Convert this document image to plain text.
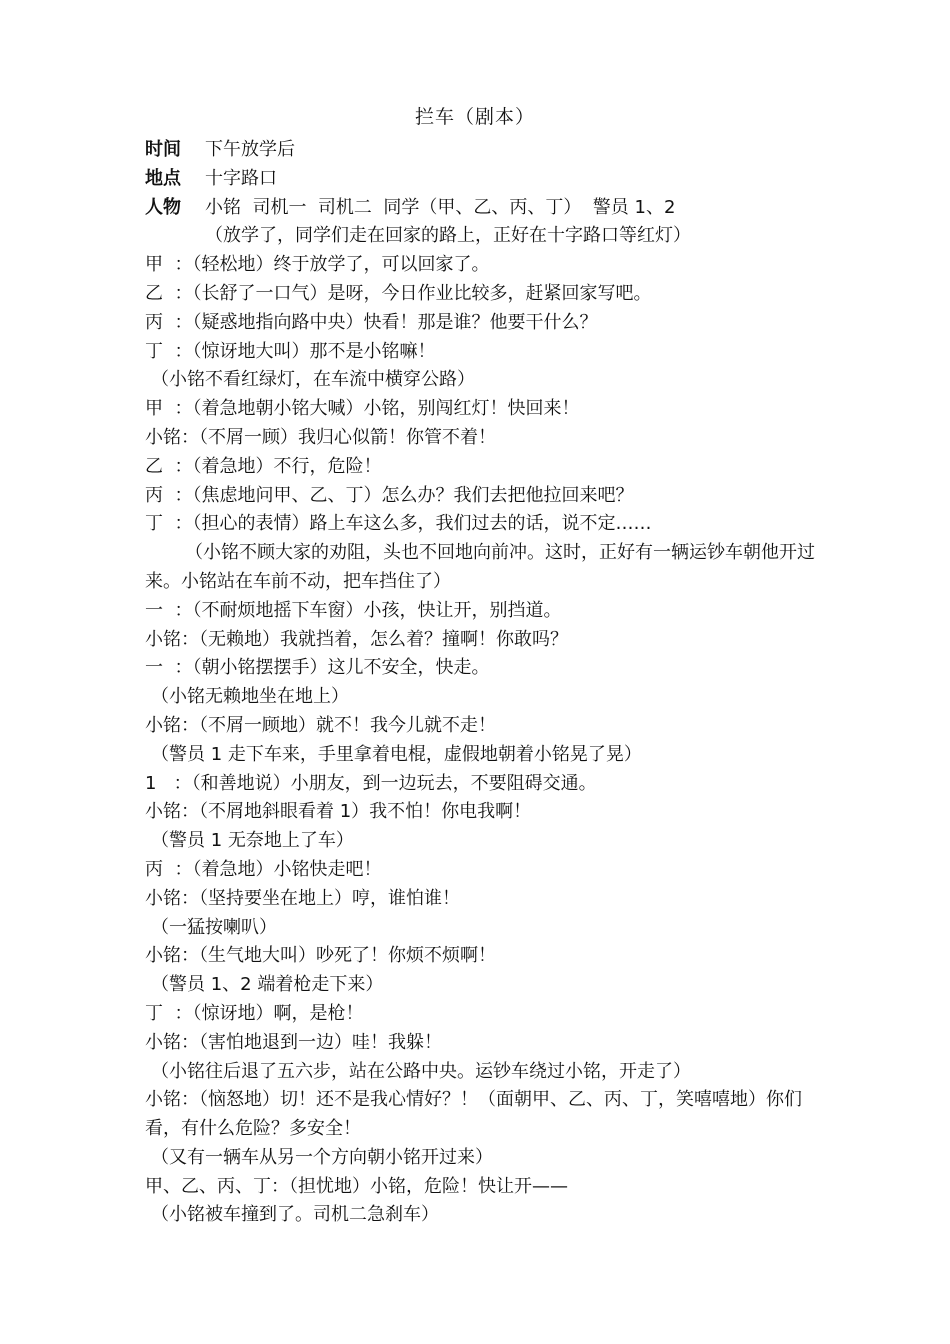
拦车（剧本）
时间 下午放学后
地点 十字路口
人物 小铭  司机一  司机二  同学（甲、乙、丙、丁）  警员 1、2
（放学了，同学们走在回家的路上，正好在十字路口等红灯）
甲  ：（轻松地）终于放学了，可以回家了。
乙  ：（长舒了一口气）是呀，今日作业比较多，赶紧回家写吧。
丙  ：（疑惑地指向路中央）快看！那是谁？他要干什么？
丁  ：（惊讶地大叫）那不是小铭嘛！
（小铭不看红绿灯，在车流中横穿公路）
甲  ：（着急地朝小铭大喊）小铭，别闯红灯！快回来！
小铭：（不屑一顾）我归心似箭！你管不着！
乙  ：（着急地）不行，危险！
丙  ：（焦虑地问甲、乙、丁）怎么办？我们去把他拉回来吧？
丁  ：（担心的表情）路上车这么多，我们过去的话，说不定……
（小铭不顾大家的劝阻，头也不回地向前冲。这时，正好有一辆运钞车朝他开过来。小铭站在车前不动，把车挡住了）
一  ：（不耐烦地摇下车窗）小孩，快让开，别挡道。
小铭：（无赖地）我就挡着，怎么着？撞啊！你敢吗？
一  ：（朝小铭摆摆手）这儿不安全，快走。
（小铭无赖地坐在地上）
小铭：（不屑一顾地）就不！我今儿就不走！
（警员 1 走下车来，手里拿着电棍，虚假地朝着小铭晃了晃）
1   ：（和善地说）小朋友，到一边玩去，不要阻碍交通。
小铭：（不屑地斜眼看着 1）我不怕！你电我啊！
（警员 1 无奈地上了车）
丙  ：（着急地）小铭快走吧！
小铭：（坚持要坐在地上）哼，谁怕谁！
（一猛按喇叭）
小铭：（生气地大叫）吵死了！你烦不烦啊！
（警员 1、2 端着枪走下来）
丁  ：（惊讶地）啊，是枪！
小铭：（害怕地退到一边）哇！我躲！
（小铭往后退了五六步，站在公路中央。运钞车绕过小铭，开走了）
小铭：（恼怒地）切！还不是我心情好？！（面朝甲、乙、丙、丁，笑嘻嘻地）你们看，有什么危险？多安全！
（又有一辆车从另一个方向朝小铭开过来）
甲、乙、丙、丁：（担忧地）小铭，危险！快让开——
（小铭被车撞到了。司机二急刹车）
